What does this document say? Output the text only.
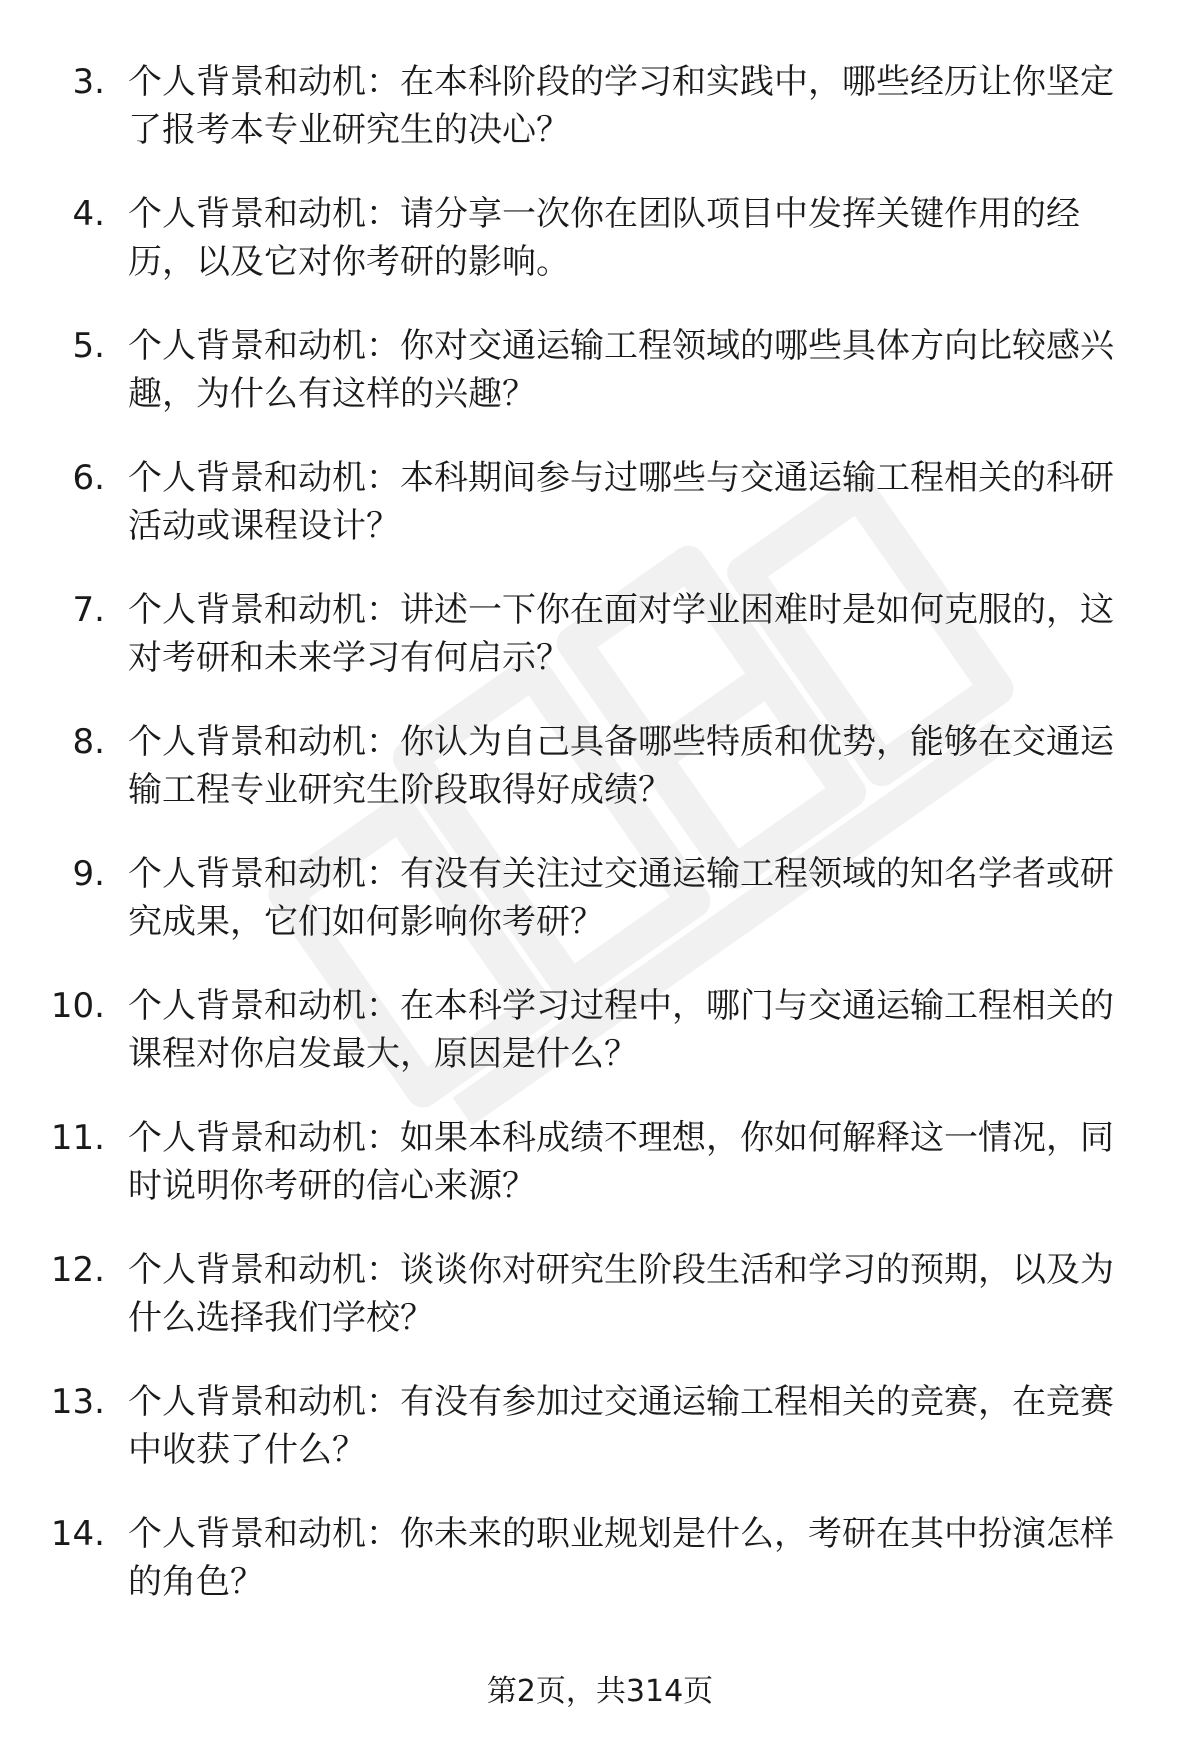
3. 个人背景和动机：在本科阶段的学习和实践中，哪些经历让你坚定了报考本专业研究生的决心？
4. 个人背景和动机：请分享一次你在团队项目中发挥关键作用的经历，以及它对你考研的影响。
5. 个人背景和动机：你对交通运输工程领域的哪些具体方向比较感兴趣，为什么有这样的兴趣？
6. 个人背景和动机：本科期间参与过哪些与交通运输工程相关的科研活动或课程设计？
7. 个人背景和动机：讲述一下你在面对学业困难时是如何克服的，这对考研和未来学习有何启示？
8. 个人背景和动机：你认为自己具备哪些特质和优势，能够在交通运输工程专业研究生阶段取得好成绩？
9. 个人背景和动机：有没有关注过交通运输工程领域的知名学者或研究成果，它们如何影响你考研？
10. 个人背景和动机：在本科学习过程中，哪门与交通运输工程相关的课程对你启发最大，原因是什么？
11. 个人背景和动机：如果本科成绩不理想，你如何解释这一情况，同时说明你考研的信心来源？
12. 个人背景和动机：谈谈你对研究生阶段生活和学习的预期，以及为什么选择我们学校？
13. 个人背景和动机：有没有参加过交通运输工程相关的竞赛，在竞赛中收获了什么？
14. 个人背景和动机：你未来的职业规划是什么，考研在其中扮演怎样的角色？
第2页，共314页
